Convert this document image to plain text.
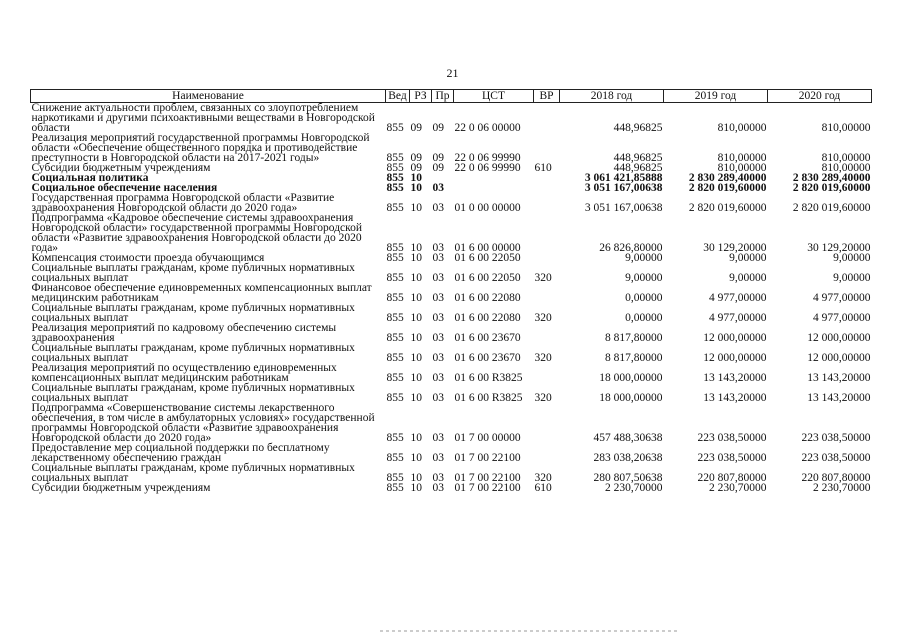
21
Наименование	Вед	РЗ	Пр	ЦСТ	ВР	2018 год	2019 год	2020 год
Снижение актуальности проблем, связанных со злоупотреблением наркотиками и другими психоактивными веществами в Новгородской области	855	09	09	22 0 06 00000		448,96825	810,00000	810,00000
Реализация мероприятий государственной программы Новгородской области «Обеспечение общественного порядка и противодействие преступности в Новгородской области на 2017-2021 годы»	855	09	09	22 0 06 99990		448,96825	810,00000	810,00000
Субсидии бюджетным учреждениям	855	09	09	22 0 06 99990	610	448,96825	810,00000	810,00000
Социальная политика	855	10				3 061 421,85888	2 830 289,40000	2 830 289,40000
Социальное обеспечение населения	855	10	03			3 051 167,00638	2 820 019,60000	2 820 019,60000
Государственная программа Новгородской области «Развитие здравоохранения Новгородской области до 2020 года»	855	10	03	01 0 00 00000		3 051 167,00638	2 820 019,60000	2 820 019,60000
Подпрограмма «Кадровое обеспечение системы здравоохранения Новгородской области» государственной программы Новгородской области «Развитие здравоохранения Новгородской области до 2020 года»	855	10	03	01 6 00 00000		26 826,80000	30 129,20000	30 129,20000
Компенсация стоимости проезда обучающимся	855	10	03	01 6 00 22050		9,00000	9,00000	9,00000
Социальные выплаты гражданам, кроме публичных нормативных социальных выплат	855	10	03	01 6 00 22050	320	9,00000	9,00000	9,00000
Финансовое обеспечение единовременных компенсационных выплат медицинским работникам	855	10	03	01 6 00 22080		0,00000	4 977,00000	4 977,00000
Социальные выплаты гражданам, кроме публичных нормативных социальных выплат	855	10	03	01 6 00 22080	320	0,00000	4 977,00000	4 977,00000
Реализация мероприятий по кадровому обеспечению системы здравоохранения	855	10	03	01 6 00 23670		8 817,80000	12 000,00000	12 000,00000
Социальные выплаты гражданам, кроме публичных нормативных социальных выплат	855	10	03	01 6 00 23670	320	8 817,80000	12 000,00000	12 000,00000
Реализация мероприятий по осуществлению единовременных компенсационных выплат медицинским работникам	855	10	03	01 6 00 R3825		18 000,00000	13 143,20000	13 143,20000
Социальные выплаты гражданам, кроме публичных нормативных социальных выплат	855	10	03	01 6 00 R3825	320	18 000,00000	13 143,20000	13 143,20000
Подпрограмма «Совершенствование системы лекарственного обеспечения, в том числе в амбулаторных условиях» государственной программы Новгородской области «Развитие здравоохранения Новгородской области до 2020 года»	855	10	03	01 7 00 00000		457 488,30638	223 038,50000	223 038,50000
Предоставление мер социальной поддержки по бесплатному лекарственному обеспечению граждан	855	10	03	01 7 00 22100		283 038,20638	223 038,50000	223 038,50000
Социальные выплаты гражданам, кроме публичных нормативных социальных выплат	855	10	03	01 7 00 22100	320	280 807,50638	220 807,80000	220 807,80000
Субсидии бюджетным учреждениям	855	10	03	01 7 00 22100	610	2 230,70000	2 230,70000	2 230,70000
